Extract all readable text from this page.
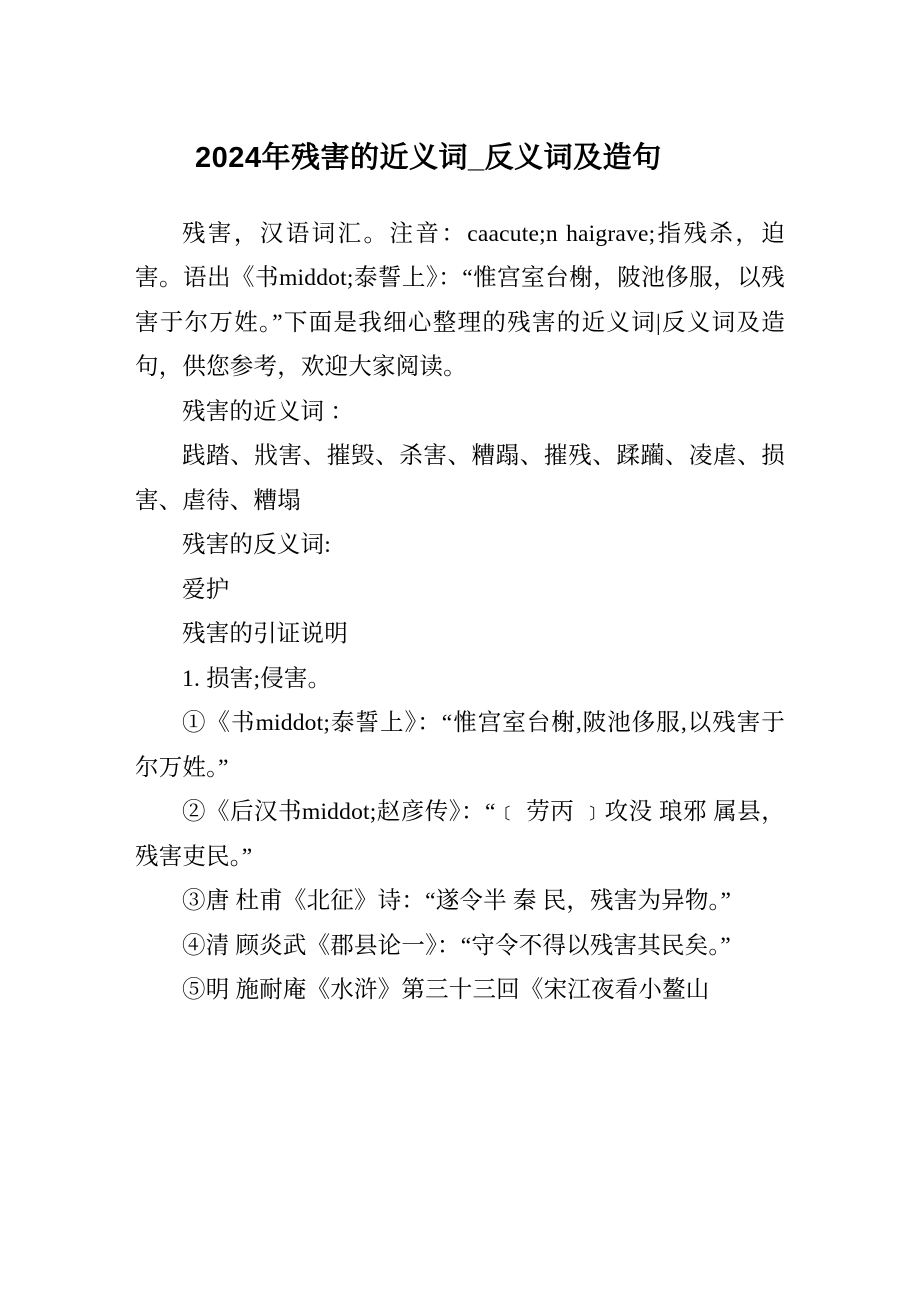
2024年残害的近义词_反义词及造句

残害，汉语词汇。注音：caacute;n haigrave;指残杀，迫害。语出《书middot;泰誓上》：“惟宫室台榭，陂池侈服，以残害于尔万姓。”下面是我细心整理的残害的近义词|反义词及造句，供您参考，欢迎大家阅读。

残害的近义词 ：

践踏、戕害、摧毁、杀害、糟蹋、摧残、蹂躏、凌虐、损害、虐待、糟塌

残害的反义词:

爱护

残害的引证说明

1. 损害;侵害。

①《书middot;泰誓上》：“惟宫室台榭,陂池侈服,以残害于尔万姓。”

②《后汉书middot;赵彦传》：“﹝ 劳丙 ﹞攻没 琅邪 属县，残害吏民。”

③唐 杜甫《北征》诗：“遂令半 秦 民，残害为异物。”

④清 顾炎武《郡县论一》：“守令不得以残害其民矣。”

⑤明 施耐庵《水浒》第三十三回《宋江夜看小鳌山
